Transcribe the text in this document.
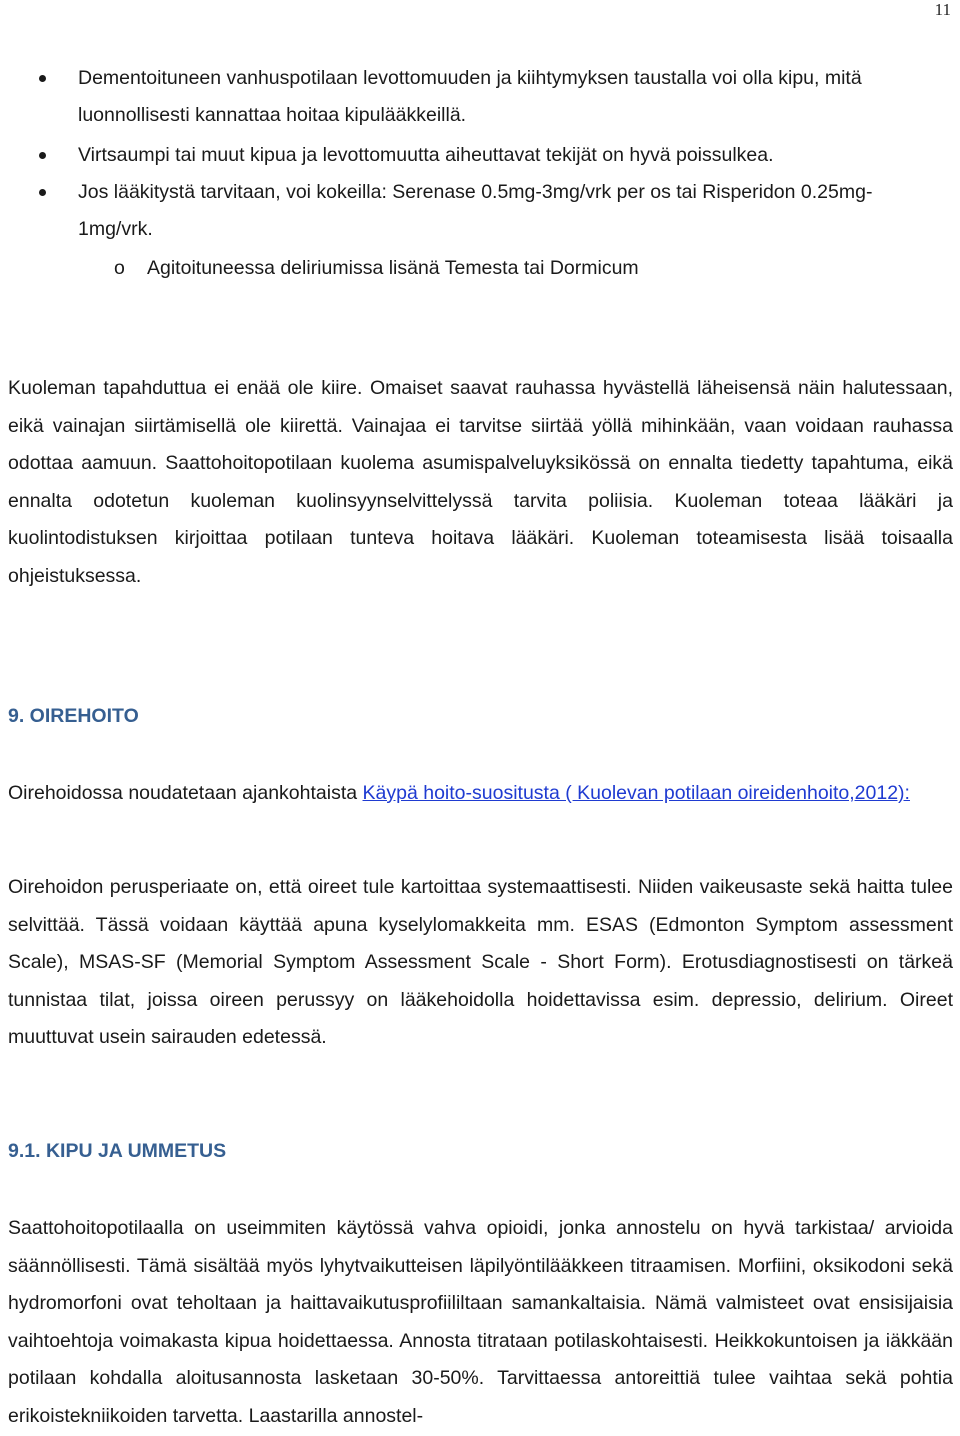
11
Dementoituneen vanhuspotilaan levottomuuden ja kiihtymyksen taustalla voi olla kipu, mitä luonnollisesti kannattaa hoitaa kipulääkkeillä.
Virtsaumpi tai muut kipua ja levottomuutta aiheuttavat tekijät on hyvä poissulkea.
Jos lääkitystä tarvitaan, voi kokeilla: Serenase 0.5mg-3mg/vrk per os tai Risperidon 0.25mg-1mg/vrk.
o Agitoituneessa deliriumissa lisänä Temesta tai Dormicum
Kuoleman tapahduttua ei enää ole kiire. Omaiset saavat rauhassa hyvästellä läheisensä näin halutessaan, eikä vainajan siirtämisellä ole kiirettä. Vainajaa ei tarvitse siirtää yöllä mihinkään, vaan voidaan rauhassa odottaa aamuun. Saattohoitopotilaan kuolema asumispalveluyksikössä on ennalta tiedetty tapahtuma, eikä ennalta odotetun kuoleman kuolinsyynselvittelyssä tarvita poliisia. Kuoleman toteaa lääkäri ja kuolintodistuksen kirjoittaa potilaan tunteva hoitava lääkäri. Kuoleman toteamisesta lisää toisaalla ohjeistuksessa.
9. OIREHOITO
Oirehoidossa noudatetaan ajankohtaista Käypä hoito-suositusta ( Kuolevan potilaan oireidenhoito,2012):
Oirehoidon perusperiaate on, että oireet tule kartoittaa systemaattisesti. Niiden vaikeusaste sekä haitta tulee selvittää. Tässä voidaan käyttää apuna kyselylomakkeita mm. ESAS (Edmonton Symptom assessment Scale), MSAS-SF (Memorial Symptom Assessment Scale - Short Form). Erotusdiagnostisesti on tärkeä tunnistaa tilat, joissa oireen perussyy on lääkehoidolla hoidettavissa esim. depressio, delirium. Oireet muuttuvat usein sairauden edetessä.
9.1. KIPU JA UMMETUS
Saattohoitopotilaalla on useimmiten käytössä vahva opioidi, jonka annostelu on hyvä tarkistaa/ arvioida säännöllisesti. Tämä sisältää myös lyhytvaikutteisen läpilyöntilääkkeen titraamisen. Morfiini, oksikodoni sekä hydromorfoni ovat teholtaan ja haittavaikutusprofiililtaan samankaltaisia. Nämä valmisteet ovat ensisijaisia vaihtoehtoja voimakasta kipua hoidettaessa. Annosta titrataan potilaskohtaisesti. Heikkokuntoisen ja iäkkään potilaan kohdalla aloitusannosta lasketaan 30-50%. Tarvittaessa antoreittiä tulee vaihtaa sekä pohtia erikoistekniikoiden tarvetta. Laastarilla annostel-
